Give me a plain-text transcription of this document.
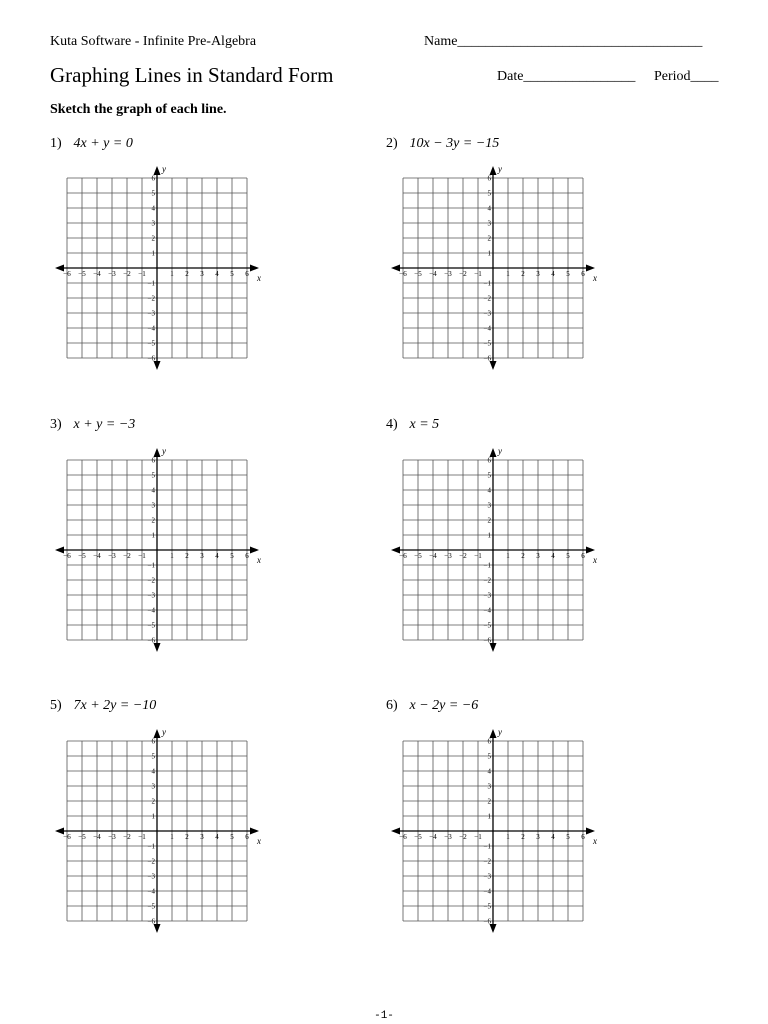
Kuta Software - Infinite Pre-Algebra	Name___________________________________
Graphing Lines in Standard Form	Date________________ Period____
Sketch the graph of each line.
1) 4x + y = 0	2) 10x − 3y = −15
3) x + y = −3	4) x = 5
5) 7x + 2y = −10	6) x − 2y = −6
x
y
−6 −5 −4 −3 −2 −1	1 2 3 4 5 6
6
5
4
3
2
1
−1
−2
−3
−4
−5
−6
x
y
−6 −5 −4 −3 −2 −1	1 2 3 4 5 6
6
5
4
3
2
1
−1
−2
−3
−4
−5
−6
x
y
−6 −5 −4 −3 −2 −1	1 2 3 4 5 6
6
5
4
3
2
1
−1
−2
−3
−4
−5
−6
x
y
−6 −5 −4 −3 −2 −1	1 2 3 4 5 6
6
5
4
3
2
1
−1
−2
−3
−4
−5
−6
x
y
−6 −5 −4 −3 −2 −1	1 2 3 4 5 6
6
5
4
3
2
1
−1
−2
−3
−4
−5
−6
x
y
−6 −5 −4 −3 −2 −1	1 2 3 4 5 6
6
5
4
3
2
1
−1
−2
−3
−4
−5
−6
-1-
